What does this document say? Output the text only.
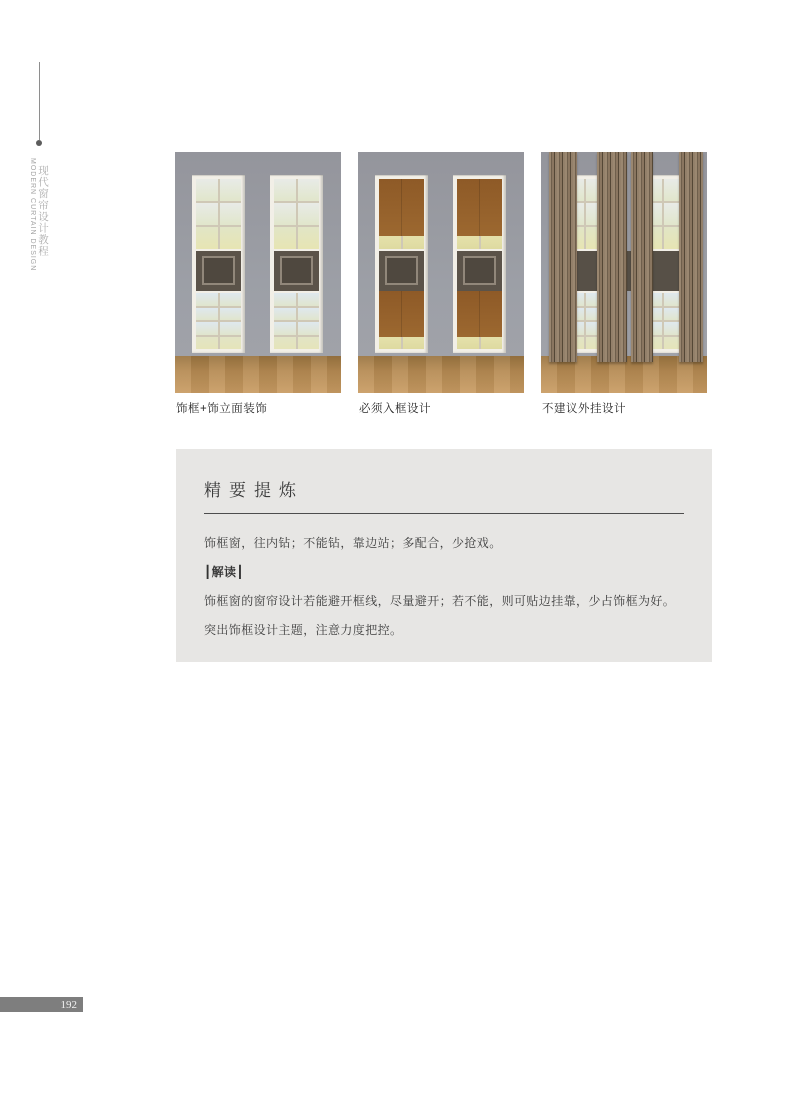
现代窗帘设计教程
MODERN CURTAIN DESIGN
饰框+饰立面装饰	必须入框设计	不建议外挂设计
精要提炼

饰框窗，往内钻；不能钻，靠边站；多配合，少抢戏。

┃解读┃

饰框窗的窗帘设计若能避开框线，尽量避开；若不能，则可贴边挂靠，少占饰框为好。

突出饰框设计主题，注意力度把控。

192
